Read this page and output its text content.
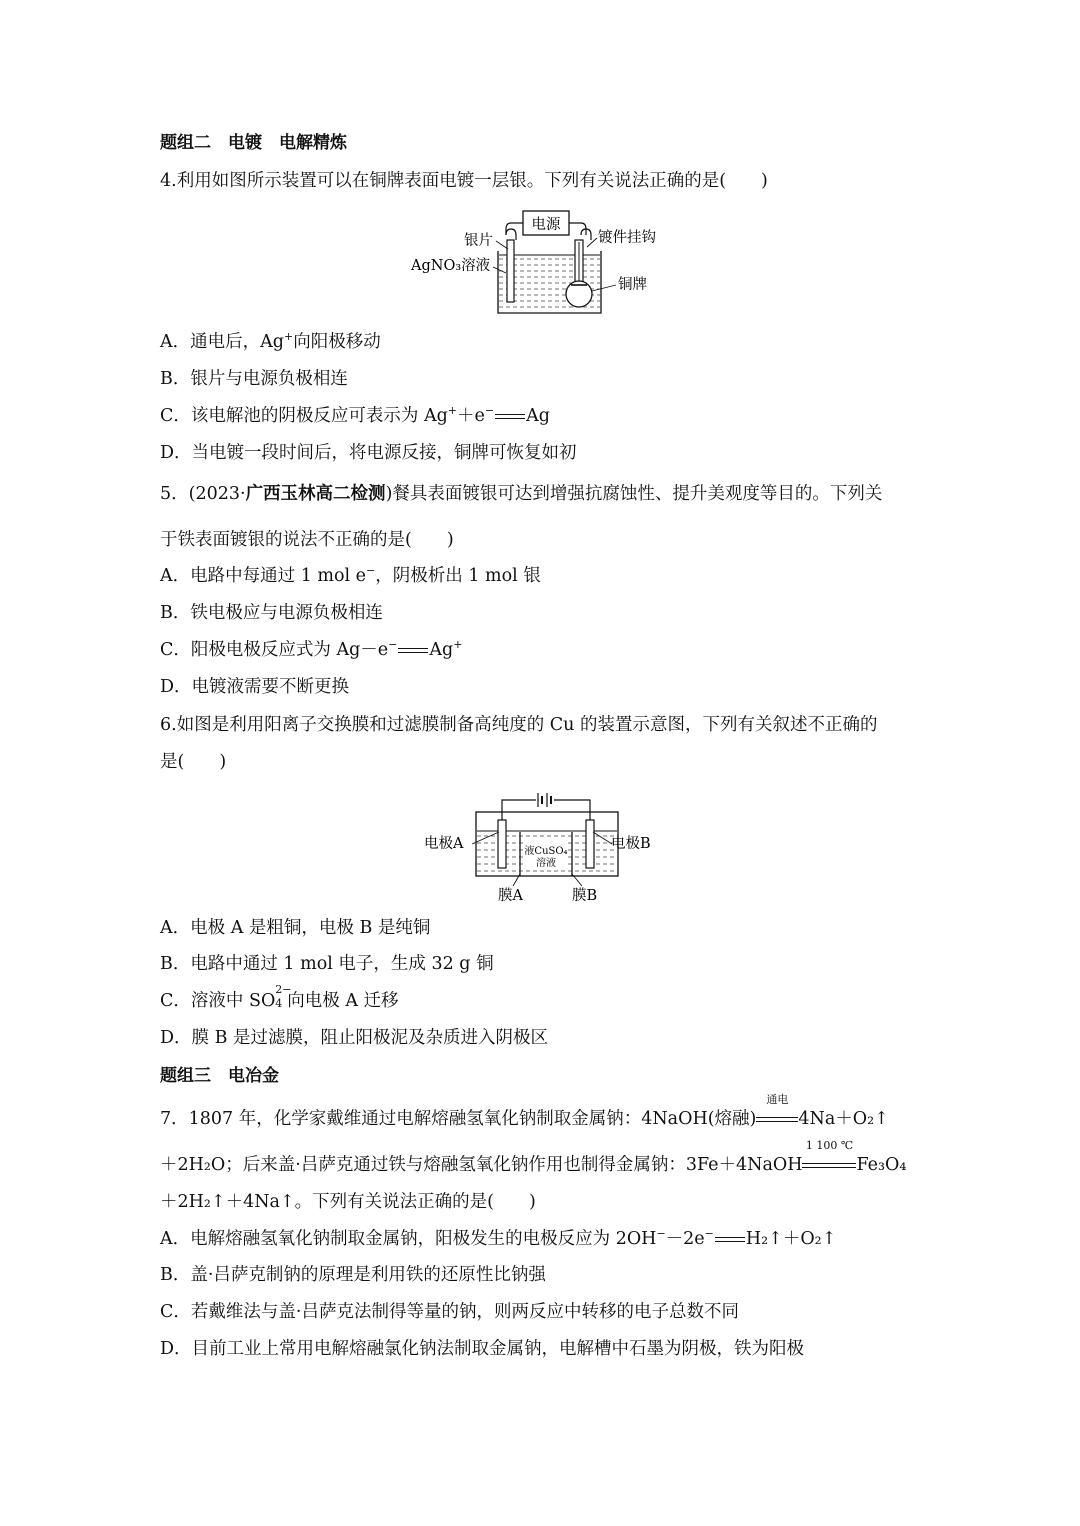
题组二　电镀　电解精炼
4.利用如图所示装置可以在铜牌表面电镀一层银。下列有关说法正确的是(　　)
电源
银片	镀件挂钩
AgNO₃溶液
铜牌
A．通电后，Ag+向阳极移动
B．银片与电源负极相连
C．该电解池的阴极反应可表示为 Ag+＋e− Ag
D．当电镀一段时间后，将电源反接，铜牌可恢复如初
5．(2023·广西玉林高二检测)餐具表面镀银可达到增强抗腐蚀性、提升美观度等目的。下列关
于铁表面镀银的说法不正确的是(　　)
A．电路中每通过 1 mol e−，阴极析出 1 mol 银
B．铁电极应与电源负极相连
C．阳极电极反应式为 Ag－e− Ag+
D．电镀液需要不断更换
6.如图是利用阳离子交换膜和过滤膜制备高纯度的 Cu 的装置示意图，下列有关叙述不正确的
是(　　)
液CuSO₄
溶液
电极A	电极B
膜A	膜B
A．电极 A 是粗铜，电极 B 是纯铜
B．电路中通过 1 mol 电子，生成 32 g 铜
C．溶液中 SO
2−
4 向电极 A 迁移
D．膜 B 是过滤膜，阻止阳极泥及杂质进入阴极区
题组三　电冶金
7．1807 年，化学家戴维通过电解熔融氢氧化钠制取金属钠：4NaOH(熔融)
通电
4Na＋O₂↑
＋2H₂O；后来盖·吕萨克通过铁与熔融氢氧化钠作用也制得金属钠：3Fe＋4NaOH
1 100 ℃
Fe₃O₄
＋2H₂↑＋4Na↑。下列有关说法正确的是(　　)
A．电解熔融氢氧化钠制取金属钠，阳极发生的电极反应为 2OH−－2e− H₂↑＋O₂↑
B．盖·吕萨克制钠的原理是利用铁的还原性比钠强
C．若戴维法与盖·吕萨克法制得等量的钠，则两反应中转移的电子总数不同
D．目前工业上常用电解熔融氯化钠法制取金属钠，电解槽中石墨为阴极，铁为阳极
